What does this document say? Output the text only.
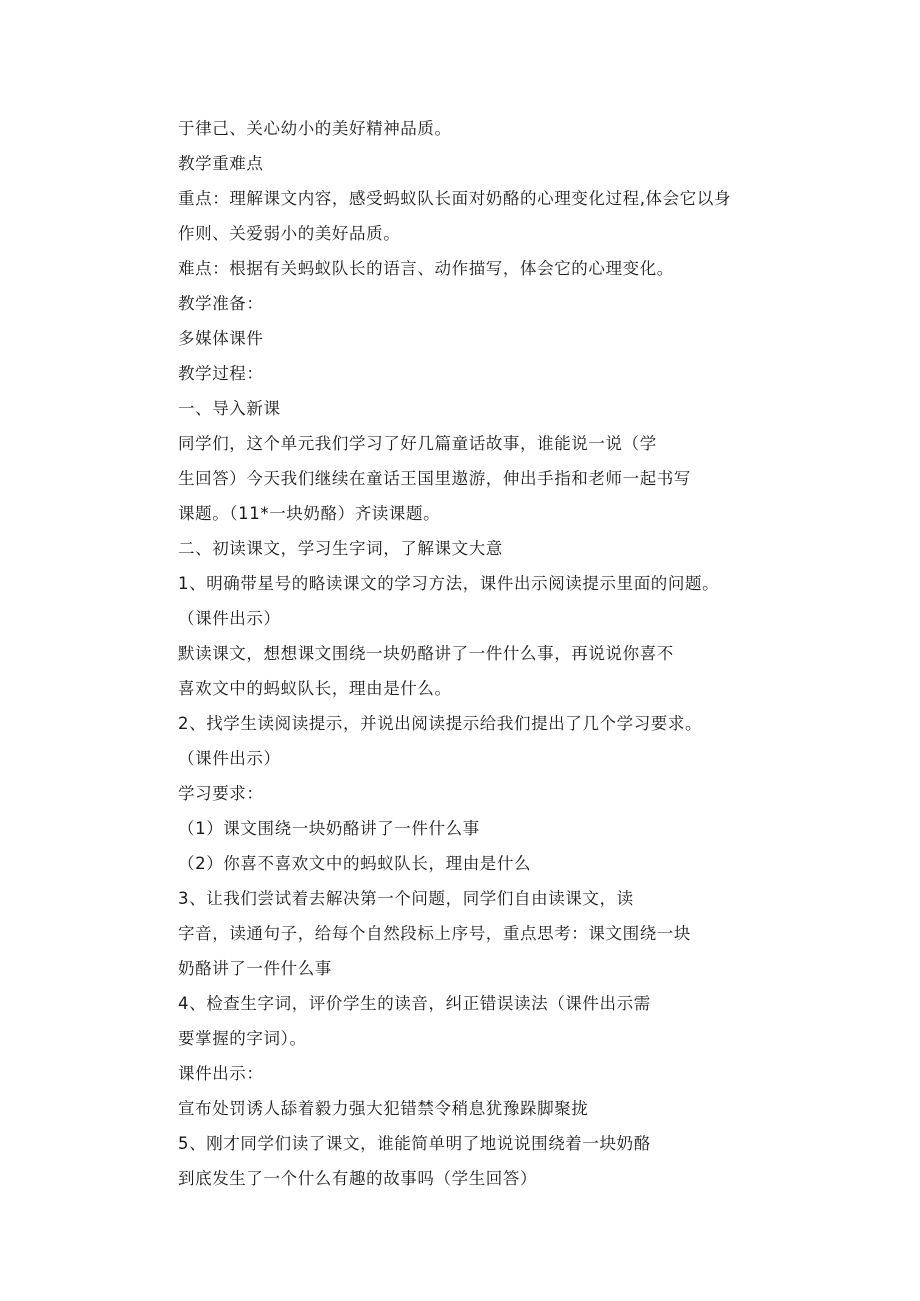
于律己、关心幼小的美好精神品质。
教学重难点
重点：理解课文内容，感受蚂蚁队长面对奶酪的心理变化过程,体会它以身
作则、关爱弱小的美好品质。
难点：根据有关蚂蚁队长的语言、动作描写，体会它的心理变化。
教学准备：
多媒体课件
教学过程：
一、导入新课
同学们，这个单元我们学习了好几篇童话故事，谁能说一说（学
生回答）今天我们继续在童话王国里遨游，伸出手指和老师一起书写
课题。（11*一块奶酪）齐读课题。
二、初读课文，学习生字词，了解课文大意
1、明确带星号的略读课文的学习方法，课件出示阅读提示里面的问题。
（课件出示）
默读课文，想想课文围绕一块奶酪讲了一件什么事，再说说你喜不
喜欢文中的蚂蚁队长，理由是什么。
2、找学生读阅读提示，并说出阅读提示给我们提出了几个学习要求。
（课件出示）
学习要求：
（1）课文围绕一块奶酪讲了一件什么事
（2）你喜不喜欢文中的蚂蚁队长，理由是什么
3、让我们尝试着去解决第一个问题，同学们自由读课文，读
字音，读通句子，给每个自然段标上序号，重点思考：课文围绕一块
奶酪讲了一件什么事
4、检查生字词，评价学生的读音，纠正错误读法（课件出示需
要掌握的字词）。
课件出示：
宣布处罚诱人舔着毅力强大犯错禁令稍息犹豫跺脚聚拢
5、刚才同学们读了课文，谁能简单明了地说说围绕着一块奶酪
到底发生了一个什么有趣的故事吗（学生回答）
